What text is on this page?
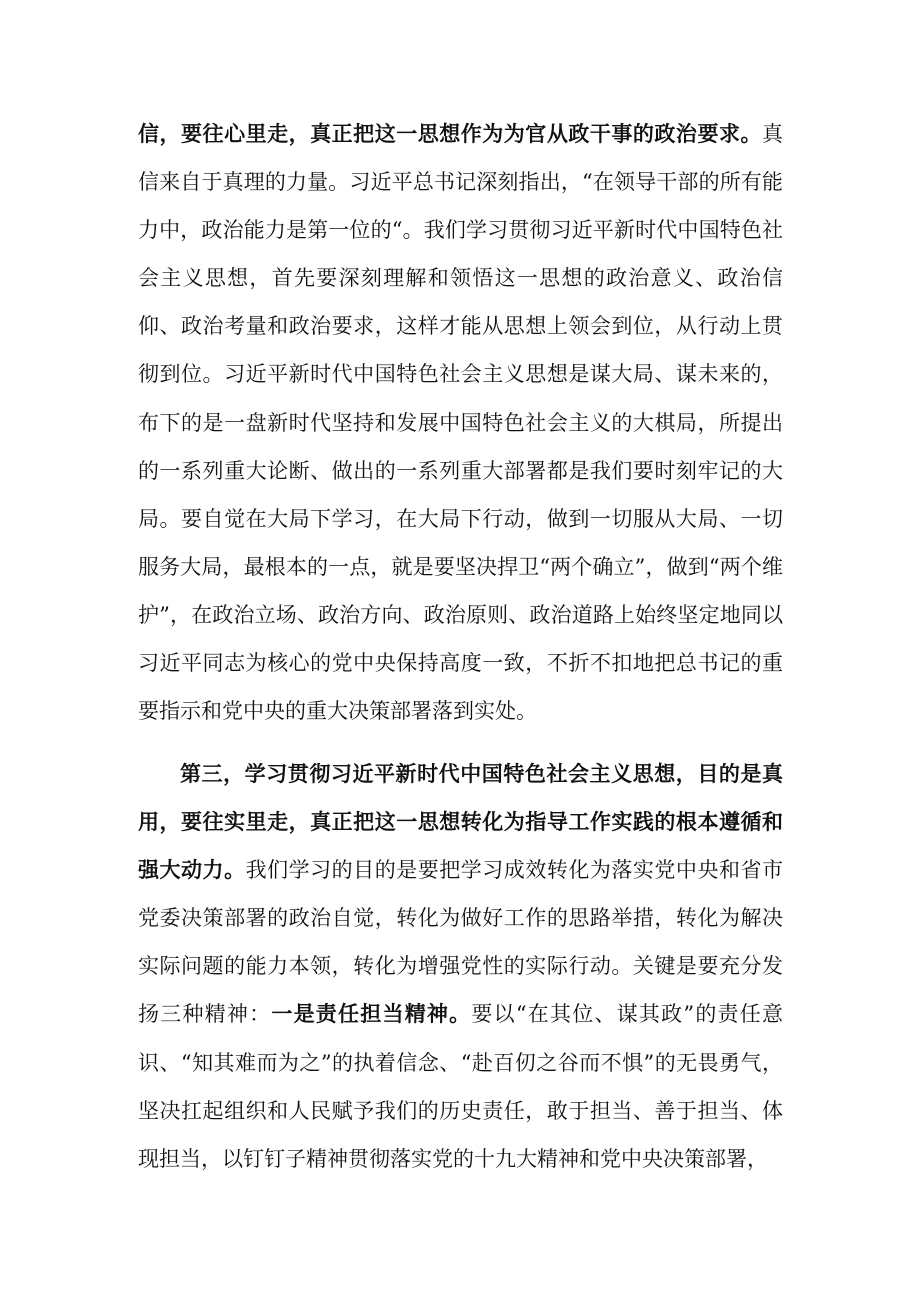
信，要往心里走，真正把这一思想作为为官从政干事的政治要求。真信来自于真理的力量。习近平总书记深刻指出，“在领导干部的所有能力中，政治能力是第一位的“。我们学习贯彻习近平新时代中国特色社会主义思想，首先要深刻理解和领悟这一思想的政治意义、政治信仰、政治考量和政治要求，这样才能从思想上领会到位，从行动上贯彻到位。习近平新时代中国特色社会主义思想是谋大局、谋未来的，布下的是一盘新时代坚持和发展中国特色社会主义的大棋局，所提出的一系列重大论断、做出的一系列重大部署都是我们要时刻牢记的大局。要自觉在大局下学习，在大局下行动，做到一切服从大局、一切服务大局，最根本的一点，就是要坚决捍卫“两个确立”，做到“两个维护”，在政治立场、政治方向、政治原则、政治道路上始终坚定地同以习近平同志为核心的党中央保持高度一致，不折不扣地把总书记的重要指示和党中央的重大决策部署落到实处。

第三，学习贯彻习近平新时代中国特色社会主义思想，目的是真用，要往实里走，真正把这一思想转化为指导工作实践的根本遵循和强大动力。我们学习的目的是要把学习成效转化为落实党中央和省市党委决策部署的政治自觉，转化为做好工作的思路举措，转化为解决实际问题的能力本领，转化为增强党性的实际行动。关键是要充分发扬三种精神：一是责任担当精神。要以“在其位、谋其政”的责任意识、“知其难而为之”的执着信念、“赴百仞之谷而不惧”的无畏勇气，坚决扛起组织和人民赋予我们的历史责任，敢于担当、善于担当、体现担当，以钉钉子精神贯彻落实党的十九大精神和党中央决策部署，
